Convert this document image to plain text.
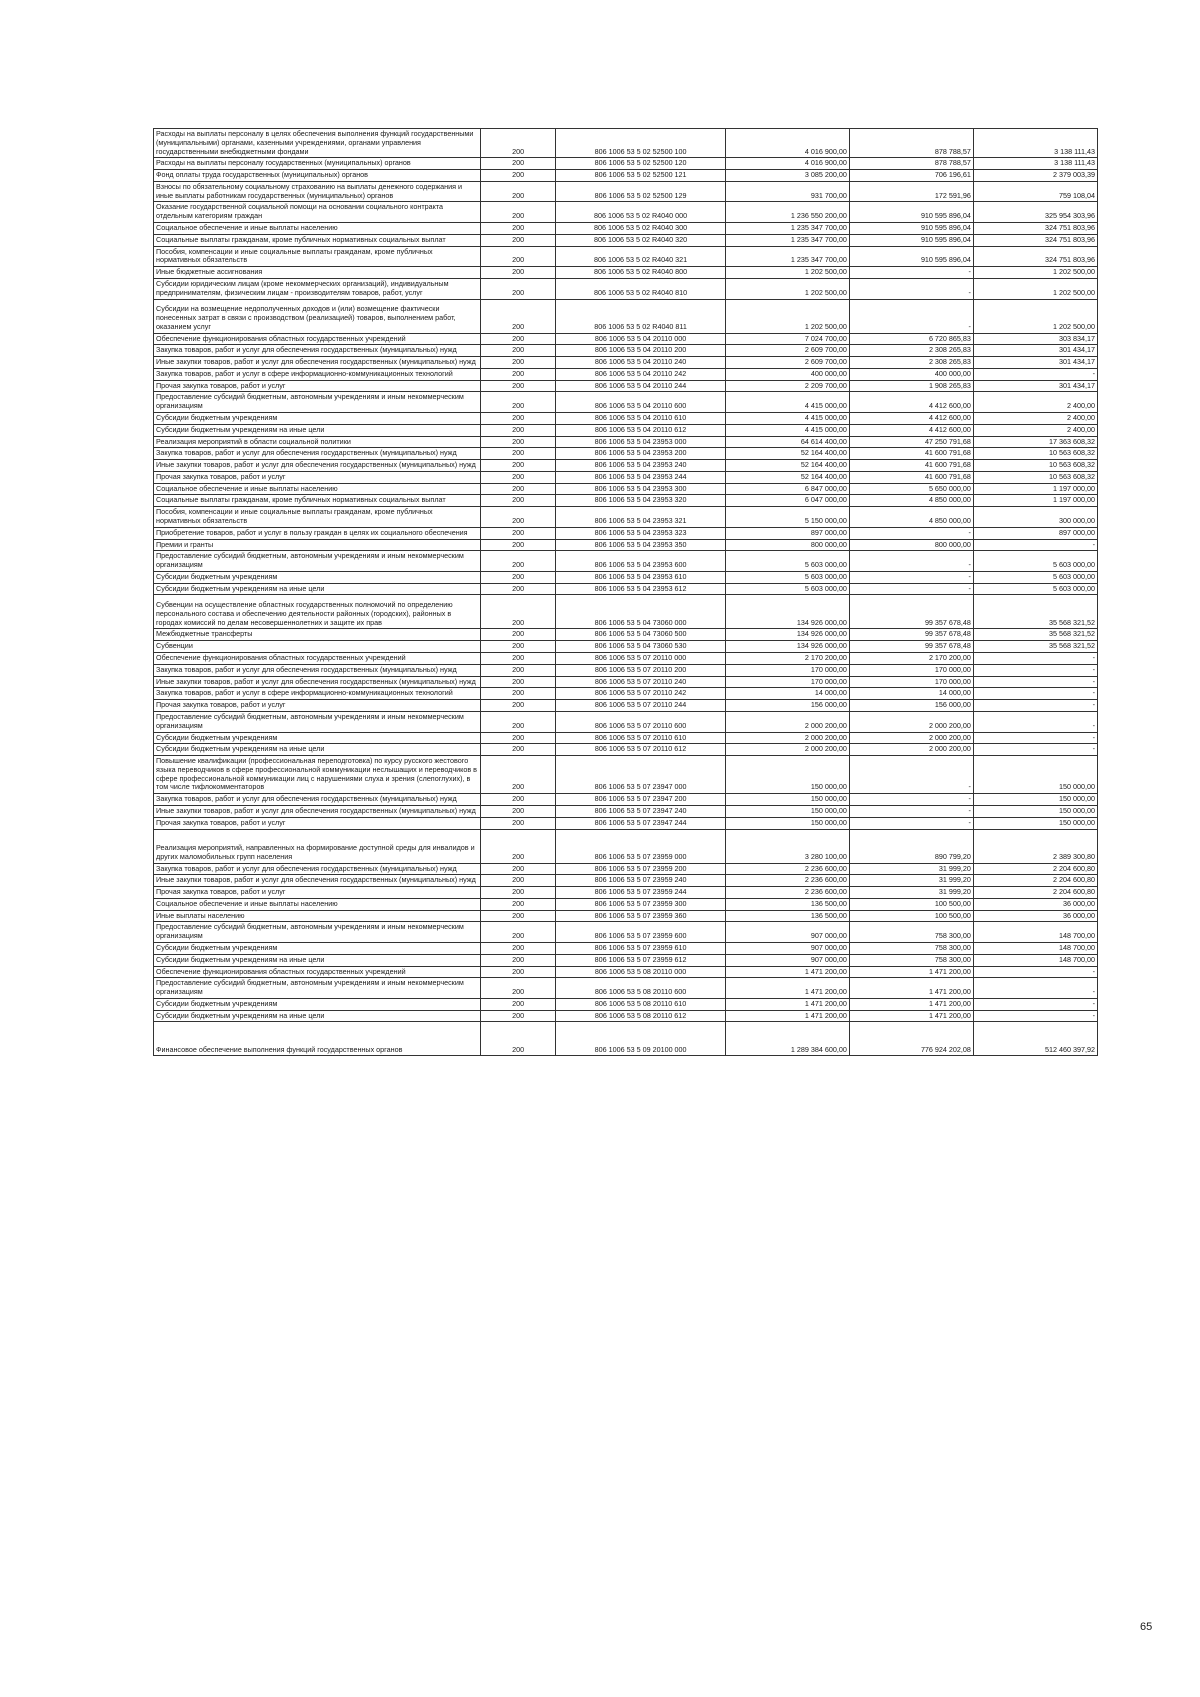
Расходы на выплаты персоналу в целях обеспечения выполнения функций государственными (муниципальными) органами, казенными учреждениями, органами управления государственными внебюджетными фондами	200	806 1006 53 5 02 52500 100	4 016 900,00	878 788,57	3 138 111,43
Расходы на выплаты персоналу государственных (муниципальных) органов	200	806 1006 53 5 02 52500 120	4 016 900,00	878 788,57	3 138 111,43
Фонд оплаты труда государственных (муниципальных) органов	200	806 1006 53 5 02 52500 121	3 085 200,00	706 196,61	2 379 003,39
Взносы по обязательному социальному страхованию на выплаты денежного содержания и иные выплаты работникам государственных (муниципальных) органов	200	806 1006 53 5 02 52500 129	931 700,00	172 591,96	759 108,04
Оказание государственной социальной помощи на основании социального контракта отдельным категориям граждан	200	806 1006 53 5 02 R4040 000	1 236 550 200,00	910 595 896,04	325 954 303,96
Социальное обеспечение и иные выплаты населению	200	806 1006 53 5 02 R4040 300	1 235 347 700,00	910 595 896,04	324 751 803,96
Социальные выплаты гражданам, кроме публичных нормативных социальных выплат	200	806 1006 53 5 02 R4040 320	1 235 347 700,00	910 595 896,04	324 751 803,96
Пособия, компенсации и иные социальные выплаты гражданам, кроме публичных нормативных обязательств	200	806 1006 53 5 02 R4040 321	1 235 347 700,00	910 595 896,04	324 751 803,96
Иные бюджетные ассигнования	200	806 1006 53 5 02 R4040 800	1 202 500,00	-	1 202 500,00
Субсидии юридическим лицам (кроме некоммерческих организаций), индивидуальным предпринимателям, физическим лицам - производителям товаров, работ, услуг	200	806 1006 53 5 02 R4040 810	1 202 500,00	-	1 202 500,00
Субсидии на возмещение недополученных доходов и (или) возмещение фактически понесенных затрат в связи с производством (реализацией) товаров, выполнением работ, оказанием услуг	200	806 1006 53 5 02 R4040 811	1 202 500,00	-	1 202 500,00
Обеспечение функционирования областных государственных учреждений	200	806 1006 53 5 04 20110 000	7 024 700,00	6 720 865,83	303 834,17
Закупка товаров, работ и услуг для обеспечения государственных (муниципальных) нужд	200	806 1006 53 5 04 20110 200	2 609 700,00	2 308 265,83	301 434,17
Иные закупки товаров, работ и услуг для обеспечения государственных (муниципальных) нужд	200	806 1006 53 5 04 20110 240	2 609 700,00	2 308 265,83	301 434,17
Закупка товаров, работ и услуг в сфере информационно-коммуникационных технологий	200	806 1006 53 5 04 20110 242	400 000,00	400 000,00	-
Прочая закупка товаров, работ и услуг	200	806 1006 53 5 04 20110 244	2 209 700,00	1 908 265,83	301 434,17
Предоставление субсидий бюджетным, автономным учреждениям и иным некоммерческим организациям	200	806 1006 53 5 04 20110 600	4 415 000,00	4 412 600,00	2 400,00
Субсидии бюджетным учреждениям	200	806 1006 53 5 04 20110 610	4 415 000,00	4 412 600,00	2 400,00
Субсидии бюджетным учреждениям на иные цели	200	806 1006 53 5 04 20110 612	4 415 000,00	4 412 600,00	2 400,00
Реализация мероприятий в области социальной политики	200	806 1006 53 5 04 23953 000	64 614 400,00	47 250 791,68	17 363 608,32
Закупка товаров, работ и услуг для обеспечения государственных (муниципальных) нужд	200	806 1006 53 5 04 23953 200	52 164 400,00	41 600 791,68	10 563 608,32
Иные закупки товаров, работ и услуг для обеспечения государственных (муниципальных) нужд	200	806 1006 53 5 04 23953 240	52 164 400,00	41 600 791,68	10 563 608,32
Прочая закупка товаров, работ и услуг	200	806 1006 53 5 04 23953 244	52 164 400,00	41 600 791,68	10 563 608,32
Социальное обеспечение и иные выплаты населению	200	806 1006 53 5 04 23953 300	6 847 000,00	5 650 000,00	1 197 000,00
Социальные выплаты гражданам, кроме публичных нормативных социальных выплат	200	806 1006 53 5 04 23953 320	6 047 000,00	4 850 000,00	1 197 000,00
Пособия, компенсации и иные социальные выплаты гражданам, кроме публичных нормативных обязательств	200	806 1006 53 5 04 23953 321	5 150 000,00	4 850 000,00	300 000,00
Приобретение товаров, работ и услуг в пользу граждан в целях их социального обеспечения	200	806 1006 53 5 04 23953 323	897 000,00	-	897 000,00
Премии и гранты	200	806 1006 53 5 04 23953 350	800 000,00	800 000,00	-
Предоставление субсидий бюджетным, автономным учреждениям и иным некоммерческим организациям	200	806 1006 53 5 04 23953 600	5 603 000,00	-	5 603 000,00
Субсидии бюджетным учреждениям	200	806 1006 53 5 04 23953 610	5 603 000,00	-	5 603 000,00
Субсидии бюджетным учреждениям на иные цели	200	806 1006 53 5 04 23953 612	5 603 000,00	-	5 603 000,00
Субвенции на осуществление областных государственных полномочий по определению персонального состава и обеспечению деятельности районных (городских), районных в городах комиссий по делам несовершеннолетних и защите их прав	200	806 1006 53 5 04 73060 000	134 926 000,00	99 357 678,48	35 568 321,52
Межбюджетные трансферты	200	806 1006 53 5 04 73060 500	134 926 000,00	99 357 678,48	35 568 321,52
Субвенции	200	806 1006 53 5 04 73060 530	134 926 000,00	99 357 678,48	35 568 321,52
Обеспечение функционирования областных государственных учреждений	200	806 1006 53 5 07 20110 000	2 170 200,00	2 170 200,00	-
Закупка товаров, работ и услуг для обеспечения государственных (муниципальных) нужд	200	806 1006 53 5 07 20110 200	170 000,00	170 000,00	-
Иные закупки товаров, работ и услуг для обеспечения государственных (муниципальных) нужд	200	806 1006 53 5 07 20110 240	170 000,00	170 000,00	-
Закупка товаров, работ и услуг в сфере информационно-коммуникационных технологий	200	806 1006 53 5 07 20110 242	14 000,00	14 000,00	-
Прочая закупка товаров, работ и услуг	200	806 1006 53 5 07 20110 244	156 000,00	156 000,00	-
Предоставление субсидий бюджетным, автономным учреждениям и иным некоммерческим организациям	200	806 1006 53 5 07 20110 600	2 000 200,00	2 000 200,00	-
Субсидии бюджетным учреждениям	200	806 1006 53 5 07 20110 610	2 000 200,00	2 000 200,00	-
Субсидии бюджетным учреждениям на иные цели	200	806 1006 53 5 07 20110 612	2 000 200,00	2 000 200,00	-
Повышение квалификации (профессиональная переподготовка) по курсу русского жестового языка переводчиков в сфере профессиональной коммуникации неслышащих и переводчиков в сфере профессиональной коммуникации лиц с нарушениями слуха и зрения (слепоглухих), в том числе тифлокомментаторов	200	806 1006 53 5 07 23947 000	150 000,00	-	150 000,00
Закупка товаров, работ и услуг для обеспечения государственных (муниципальных) нужд	200	806 1006 53 5 07 23947 200	150 000,00	-	150 000,00
Иные закупки товаров, работ и услуг для обеспечения государственных (муниципальных) нужд	200	806 1006 53 5 07 23947 240	150 000,00	-	150 000,00
Прочая закупка товаров, работ и услуг	200	806 1006 53 5 07 23947 244	150 000,00	-	150 000,00
Реализация мероприятий, направленных на формирование доступной среды для инвалидов и других маломобильных групп населения	200	806 1006 53 5 07 23959 000	3 280 100,00	890 799,20	2 389 300,80
Закупка товаров, работ и услуг для обеспечения государственных (муниципальных) нужд	200	806 1006 53 5 07 23959 200	2 236 600,00	31 999,20	2 204 600,80
Иные закупки товаров, работ и услуг для обеспечения государственных (муниципальных) нужд	200	806 1006 53 5 07 23959 240	2 236 600,00	31 999,20	2 204 600,80
Прочая закупка товаров, работ и услуг	200	806 1006 53 5 07 23959 244	2 236 600,00	31 999,20	2 204 600,80
Социальное обеспечение и иные выплаты населению	200	806 1006 53 5 07 23959 300	136 500,00	100 500,00	36 000,00
Иные выплаты населению	200	806 1006 53 5 07 23959 360	136 500,00	100 500,00	36 000,00
Предоставление субсидий бюджетным, автономным учреждениям и иным некоммерческим организациям	200	806 1006 53 5 07 23959 600	907 000,00	758 300,00	148 700,00
Субсидии бюджетным учреждениям	200	806 1006 53 5 07 23959 610	907 000,00	758 300,00	148 700,00
Субсидии бюджетным учреждениям на иные цели	200	806 1006 53 5 07 23959 612	907 000,00	758 300,00	148 700,00
Обеспечение функционирования областных государственных учреждений	200	806 1006 53 5 08 20110 000	1 471 200,00	1 471 200,00	-
Предоставление субсидий бюджетным, автономным учреждениям и иным некоммерческим организациям	200	806 1006 53 5 08 20110 600	1 471 200,00	1 471 200,00	-
Субсидии бюджетным учреждениям	200	806 1006 53 5 08 20110 610	1 471 200,00	1 471 200,00	-
Субсидии бюджетным учреждениям на иные цели	200	806 1006 53 5 08 20110 612	1 471 200,00	1 471 200,00	-
Финансовое обеспечение выполнения функций государственных органов	200	806 1006 53 5 09 20100 000	1 289 384 600,00	776 924 202,08	512 460 397,92
65
